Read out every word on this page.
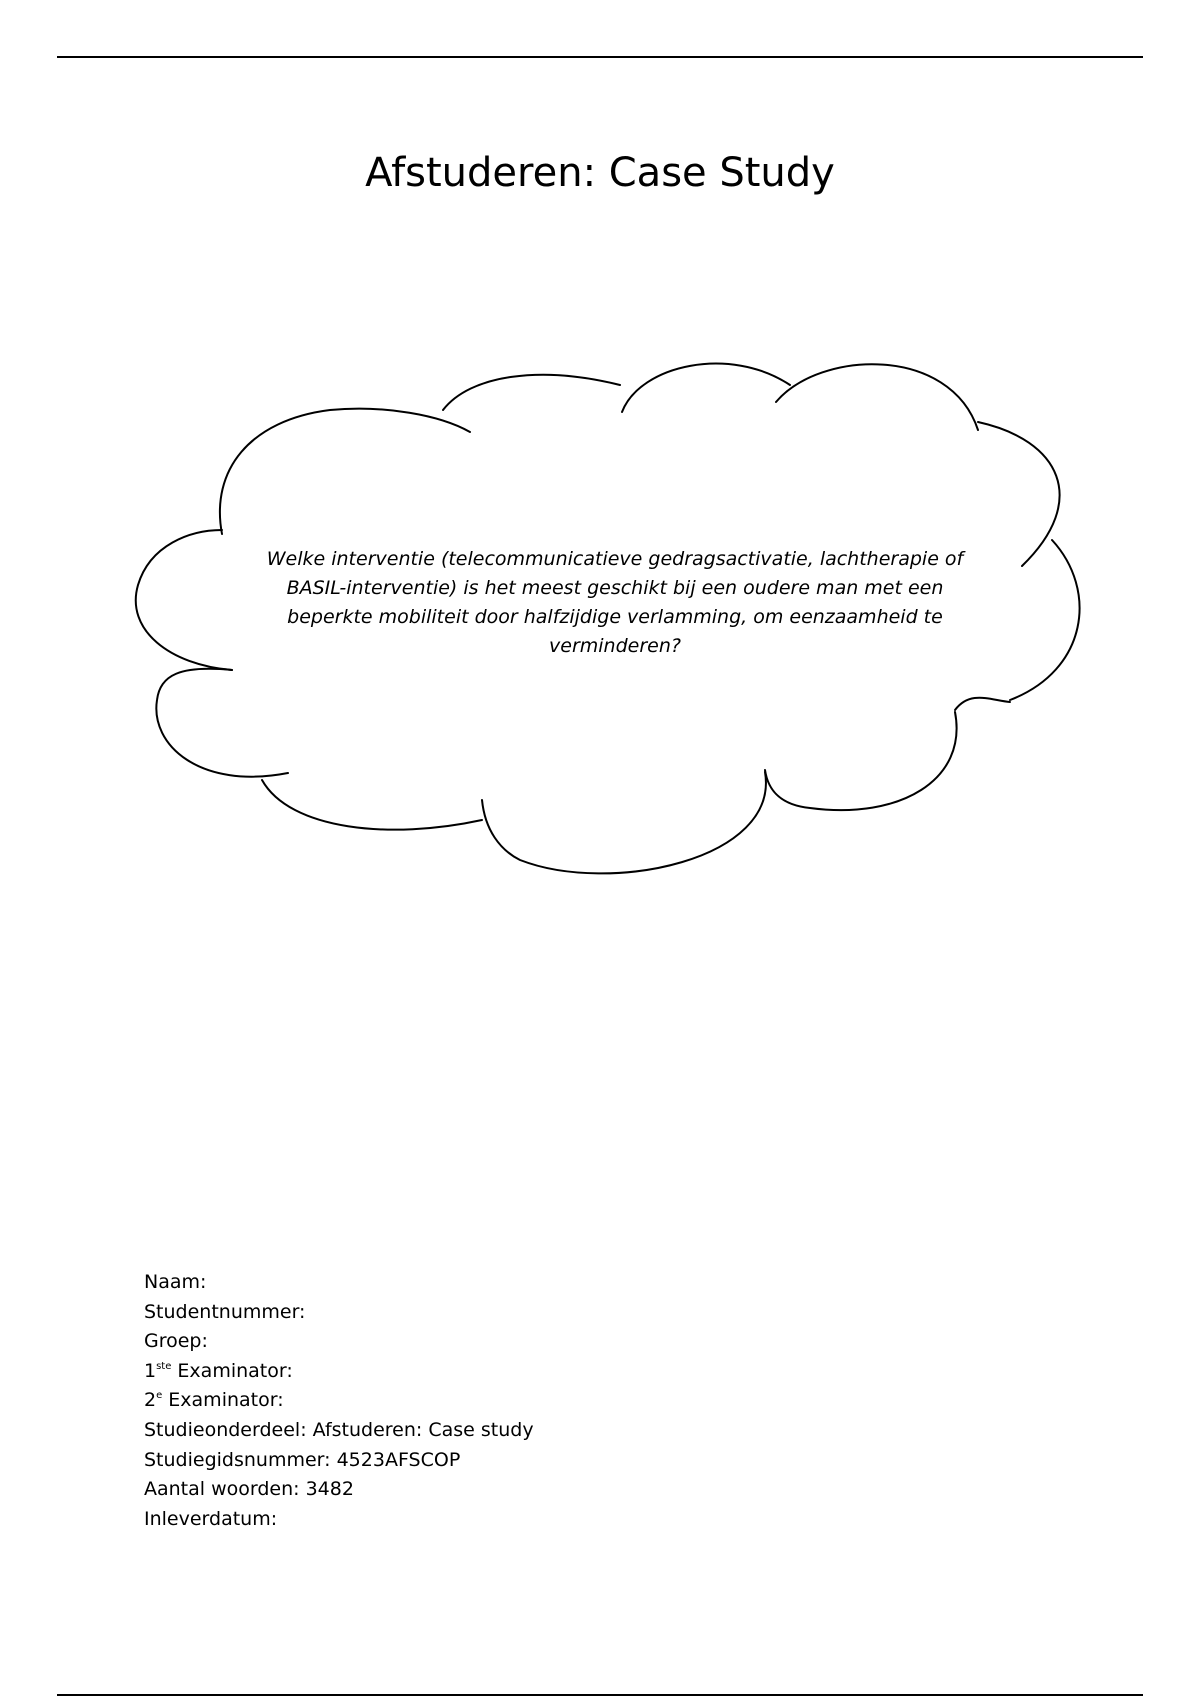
Afstuderen: Case Study

Welke interventie (telecommunicatieve gedragsactivatie, lachtherapie of BASIL-interventie) is het meest geschikt bij een oudere man met een beperkte mobiliteit door halfzijdige verlamming, om eenzaamheid te verminderen?

Naam:
Studentnummer:
Groep:
1ste Examinator:
2e Examinator:
Studieonderdeel: Afstuderen: Case study
Studiegidsnummer: 4523AFSCOP
Aantal woorden: 3482
Inleverdatum:
